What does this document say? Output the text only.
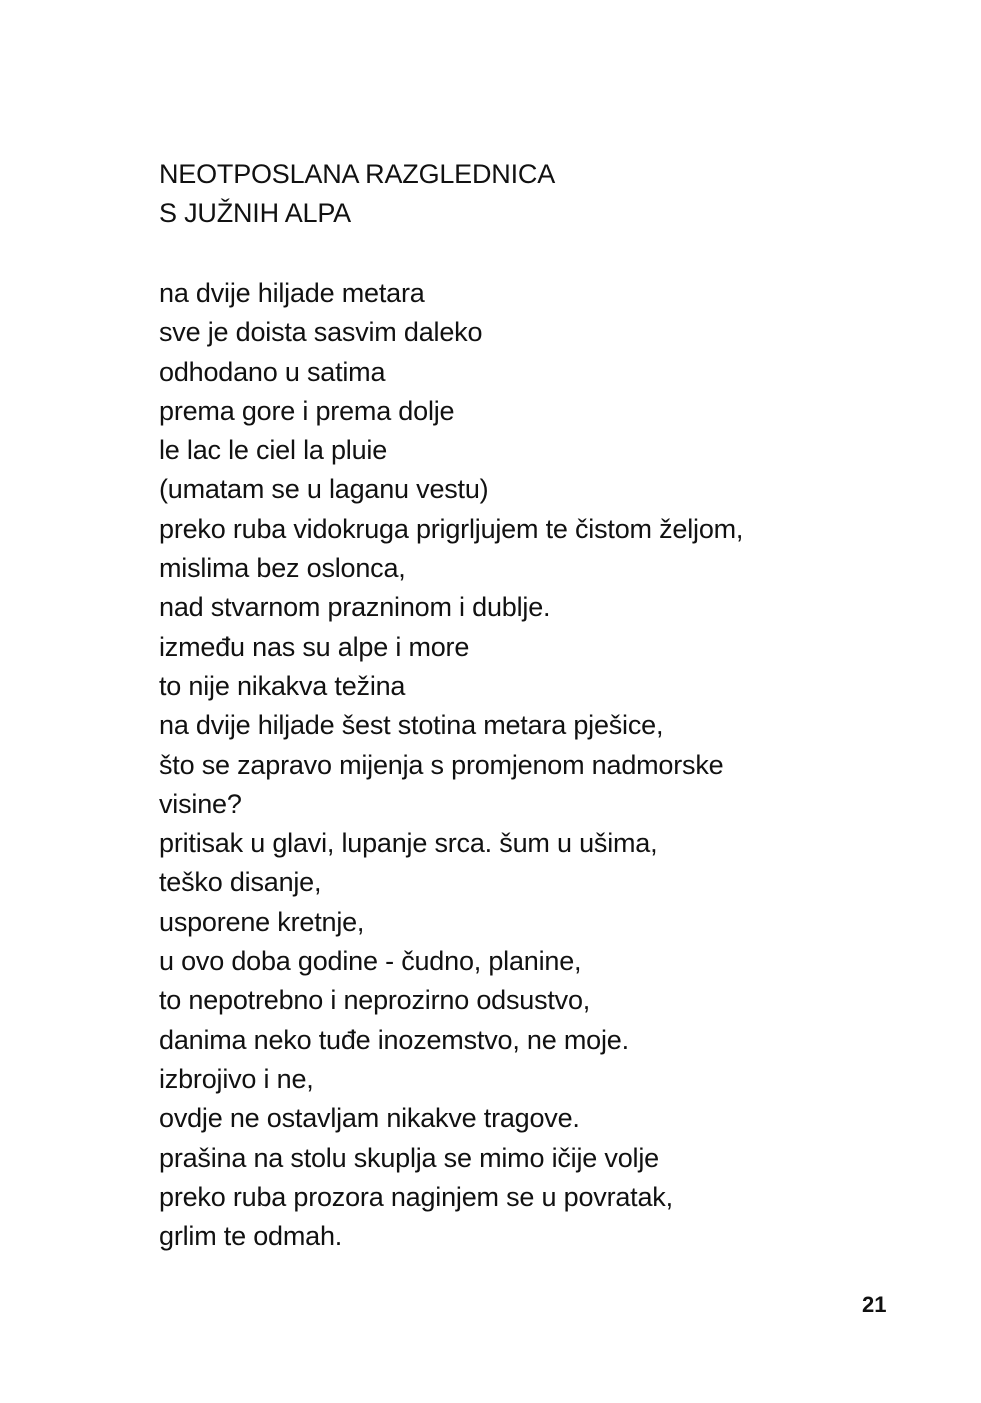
NEOTPOSLANA RAZGLEDNICA
S JUŽNIH ALPA
na dvije hiljade metara
sve je doista sasvim daleko
odhodano u satima
prema gore i prema dolje
le lac le ciel la pluie
(umatam se u laganu vestu)
preko ruba vidokruga prigrljujem te čistom željom,
mislima bez oslonca,
nad stvarnom prazninom i dublje.
između nas su alpe i more
to nije nikakva težina
na dvije hiljade šest stotina metara pješice,
što se zapravo mijenja s promjenom nadmorske
visine?
pritisak u glavi, lupanje srca. šum u ušima,
teško disanje,
usporene kretnje,
u ovo doba godine - čudno, planine,
to nepotrebno i neprozirno odsustvo,
danima neko tuđe inozemstvo, ne moje.
izbrojivo i ne,
ovdje ne ostavljam nikakve tragove.
prašina na stolu skuplja se mimo ičije volje
preko ruba prozora naginjem se u povratak,
grlim te odmah.
21
